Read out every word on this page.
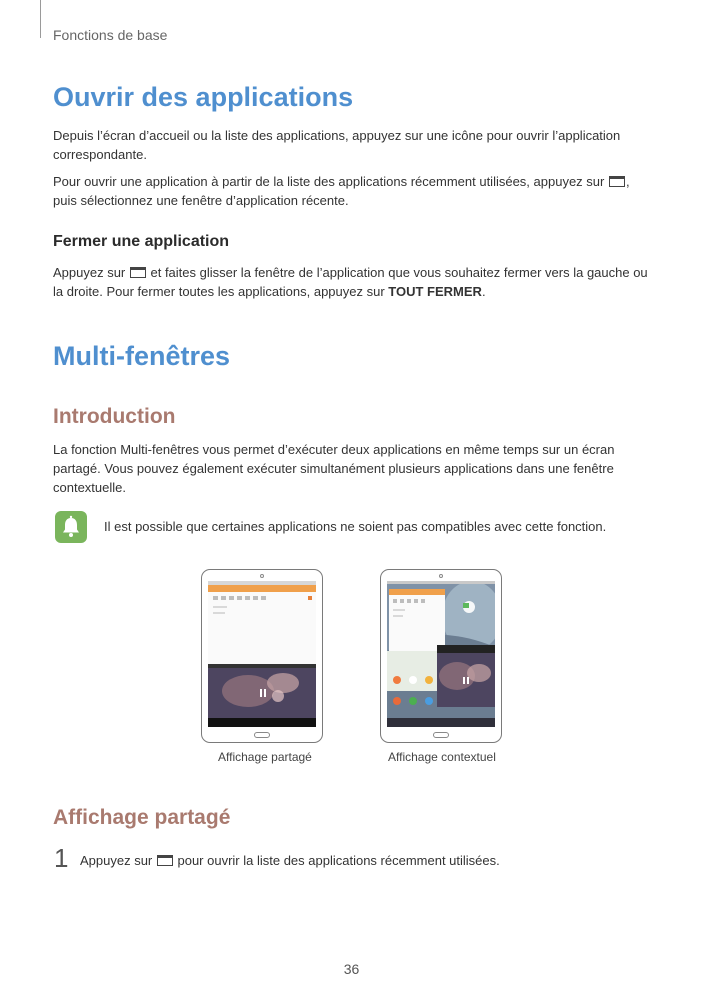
Fonctions de base
Ouvrir des applications

Depuis l’écran d’accueil ou la liste des applications, appuyez sur une icône pour ouvrir l’application correspondante.

Pour ouvrir une application à partir de la liste des applications récemment utilisées, appuyez sur , puis sélectionnez une fenêtre d’application récente.

Fermer une application

Appuyez sur  et faites glisser la fenêtre de l’application que vous souhaitez fermer vers la gauche ou la droite. Pour fermer toutes les applications, appuyez sur TOUT FERMER.

Multi-fenêtres
Introduction

La fonction Multi-fenêtres vous permet d’exécuter deux applications en même temps sur un écran partagé. Vous pouvez également exécuter simultanément plusieurs applications dans une fenêtre contextuelle.

Il est possible que certaines applications ne soient pas compatibles avec cette fonction.

Affichage partagé	Affichage contextuel

Affichage partagé

1 Appuyez sur  pour ouvrir la liste des applications récemment utilisées.

36
